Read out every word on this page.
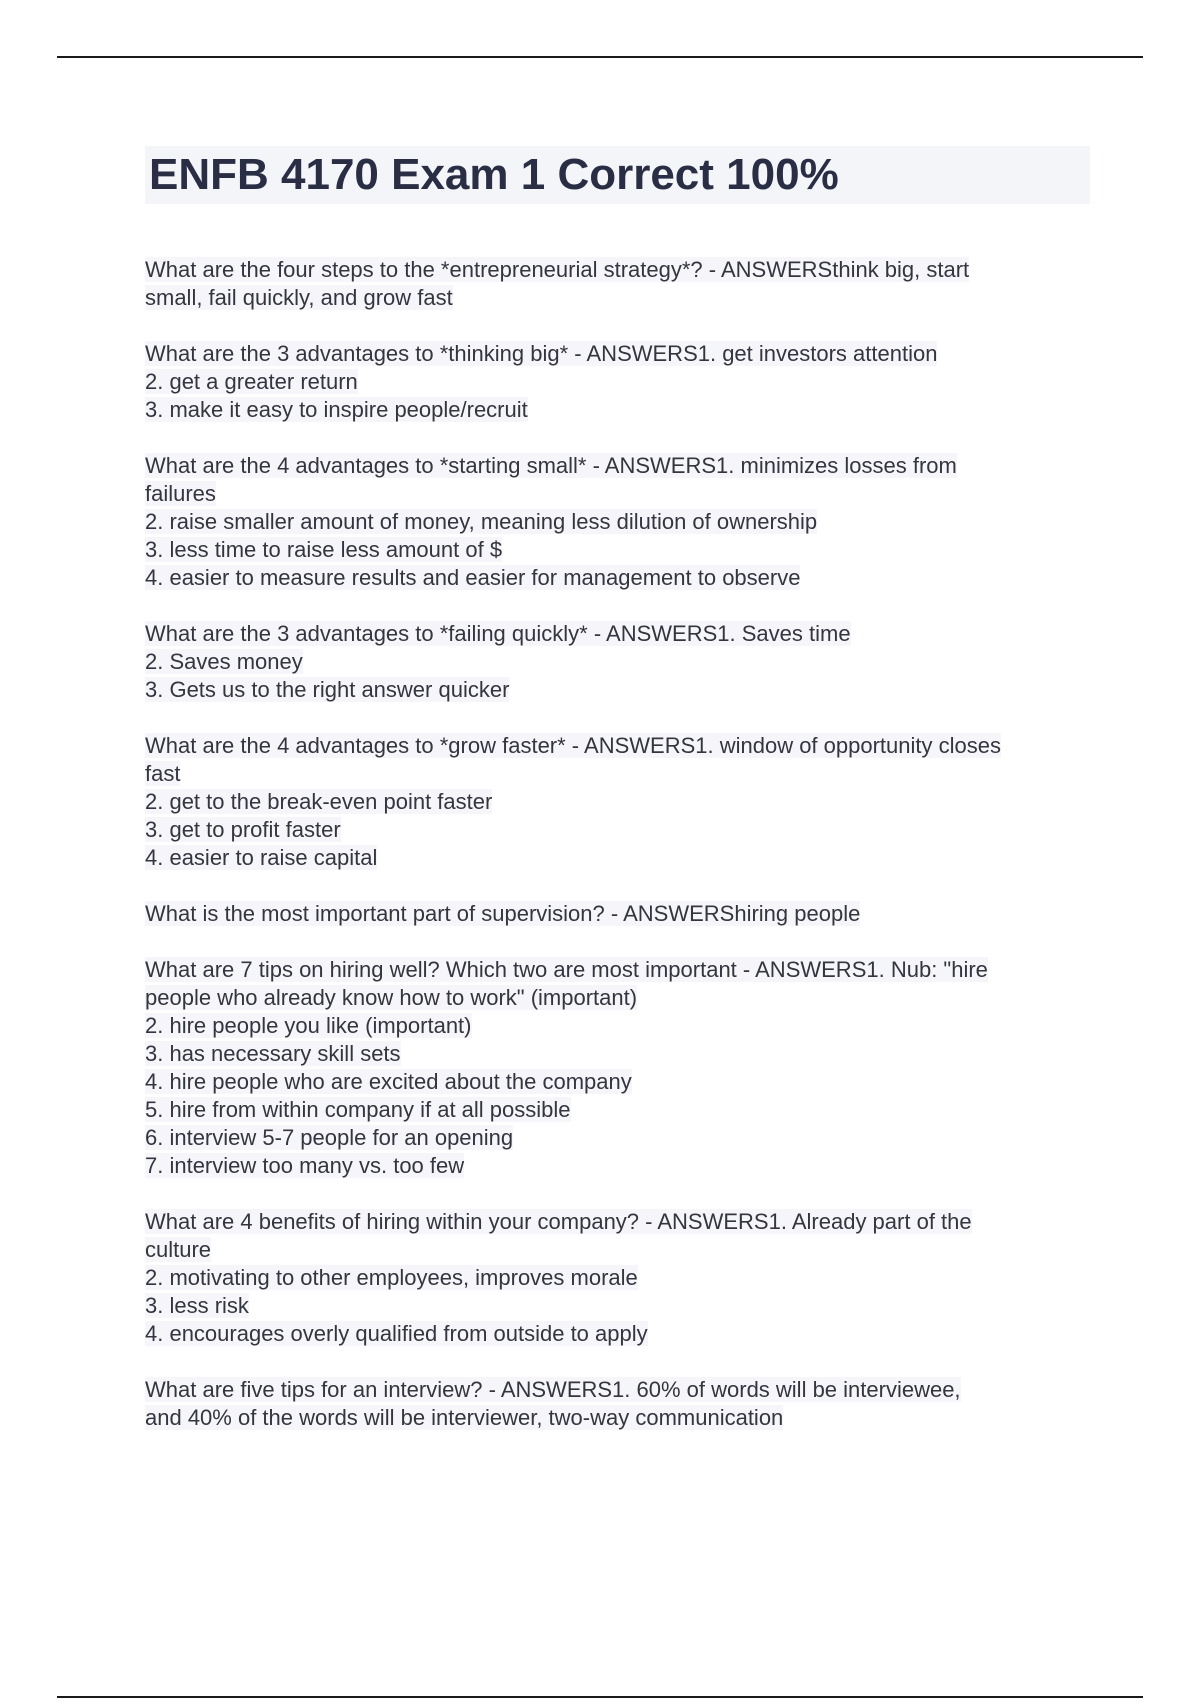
ENFB 4170 Exam 1 Correct 100%
What are the four steps to the *entrepreneurial strategy*? - ANSWERSthink big, start
small, fail quickly, and grow fast
What are the 3 advantages to *thinking big* - ANSWERS1. get investors attention
2. get a greater return
3. make it easy to inspire people/recruit
What are the 4 advantages to *starting small* - ANSWERS1. minimizes losses from
failures
2. raise smaller amount of money, meaning less dilution of ownership
3. less time to raise less amount of $
4. easier to measure results and easier for management to observe
What are the 3 advantages to *failing quickly* - ANSWERS1. Saves time
2. Saves money
3. Gets us to the right answer quicker
What are the 4 advantages to *grow faster* - ANSWERS1. window of opportunity closes
fast
2. get to the break-even point faster
3. get to profit faster
4. easier to raise capital
What is the most important part of supervision? - ANSWERShiring people
What are 7 tips on hiring well? Which two are most important - ANSWERS1. Nub: "hire
people who already know how to work" (important)
2. hire people you like (important)
3. has necessary skill sets
4. hire people who are excited about the company
5. hire from within company if at all possible
6. interview 5-7 people for an opening
7. interview too many vs. too few
What are 4 benefits of hiring within your company? - ANSWERS1. Already part of the
culture
2. motivating to other employees, improves morale
3. less risk
4. encourages overly qualified from outside to apply
What are five tips for an interview? - ANSWERS1. 60% of words will be interviewee,
and 40% of the words will be interviewer, two-way communication
